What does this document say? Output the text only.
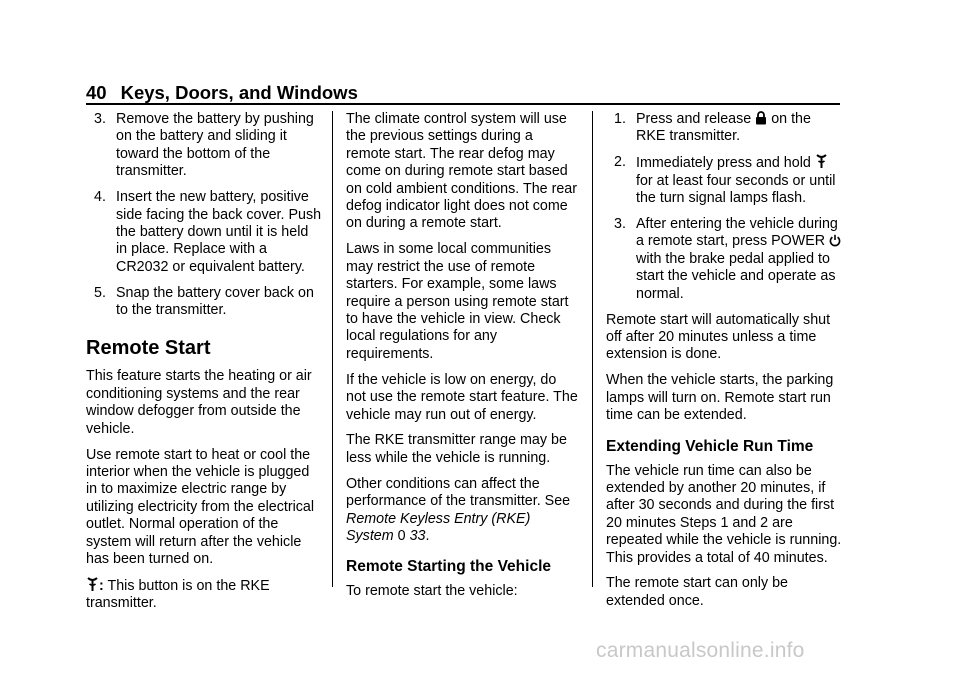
40 Keys, Doors, and Windows
3. Remove the battery by pushing on the battery and sliding it toward the bottom of the transmitter.
4. Insert the new battery, positive side facing the back cover. Push the battery down until it is held in place. Replace with a CR2032 or equivalent battery.
5. Snap the battery cover back on to the transmitter.
Remote Start

This feature starts the heating or air conditioning systems and the rear window defogger from outside the vehicle.

Use remote start to heat or cool the interior when the vehicle is plugged in to maximize electric range by utilizing electricity from the electrical outlet. Normal operation of the system will return after the vehicle has been turned on.

: This button is on the RKE transmitter.

The climate control system will use the previous settings during a remote start. The rear defog may come on during remote start based on cold ambient conditions. The rear defog indicator light does not come on during a remote start.

Laws in some local communities may restrict the use of remote starters. For example, some laws require a person using remote start to have the vehicle in view. Check local regulations for any requirements.

If the vehicle is low on energy, do not use the remote start feature. The vehicle may run out of energy.

The RKE transmitter range may be less while the vehicle is running.

Other conditions can affect the performance of the transmitter. See Remote Keyless Entry (RKE) System 0 33.

Remote Starting the Vehicle

To remote start the vehicle:

1. Press and release on the RKE transmitter.
2. Immediately press and hold  for at least four seconds or until the turn signal lamps flash.
3. After entering the vehicle during a remote start, press POWER  with the brake pedal applied to start the vehicle and operate as normal.

Remote start will automatically shut off after 20 minutes unless a time extension is done.

When the vehicle starts, the parking lamps will turn on. Remote start run time can be extended.

Extending Vehicle Run Time

The vehicle run time can also be extended by another 20 minutes, if after 30 seconds and during the first 20 minutes Steps 1 and 2 are repeated while the vehicle is running. This provides a total of 40 minutes.

The remote start can only be extended once.

carmanualsonline.info
